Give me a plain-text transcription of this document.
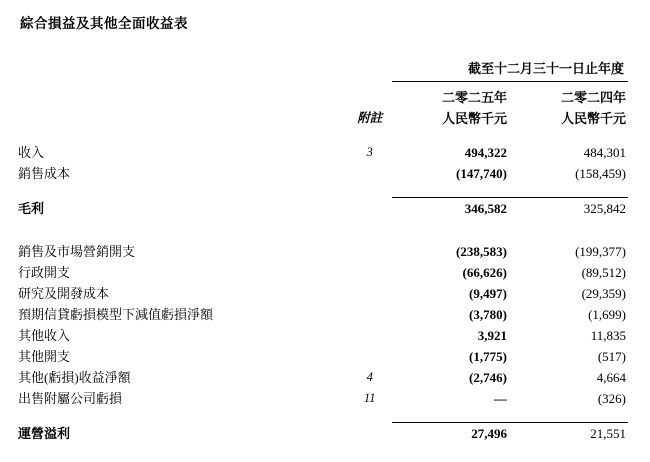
綜合損益及其他全面收益表
		截至十二月三十一日止年度	

		二零二五年	二零二四年
	附註	人民幣千元	人民幣千元

收入	3	494,322	484,301
銷售成本		(147,740)	(158,459)

毛利		346,582	325,842

銷售及市場營銷開支		(238,583)	(199,377)
行政開支		(66,626)	(89,512)
研究及開發成本		(9,497)	(29,359)
預期信貸虧損模型下減值虧損淨額		(3,780)	(1,699)
其他收入		3,921	11,835
其他開支		(1,775)	(517)
其他(虧損)收益淨額	4	(2,746)	4,664
出售附屬公司虧損	11	—	(326)

運營溢利		27,496	21,551
